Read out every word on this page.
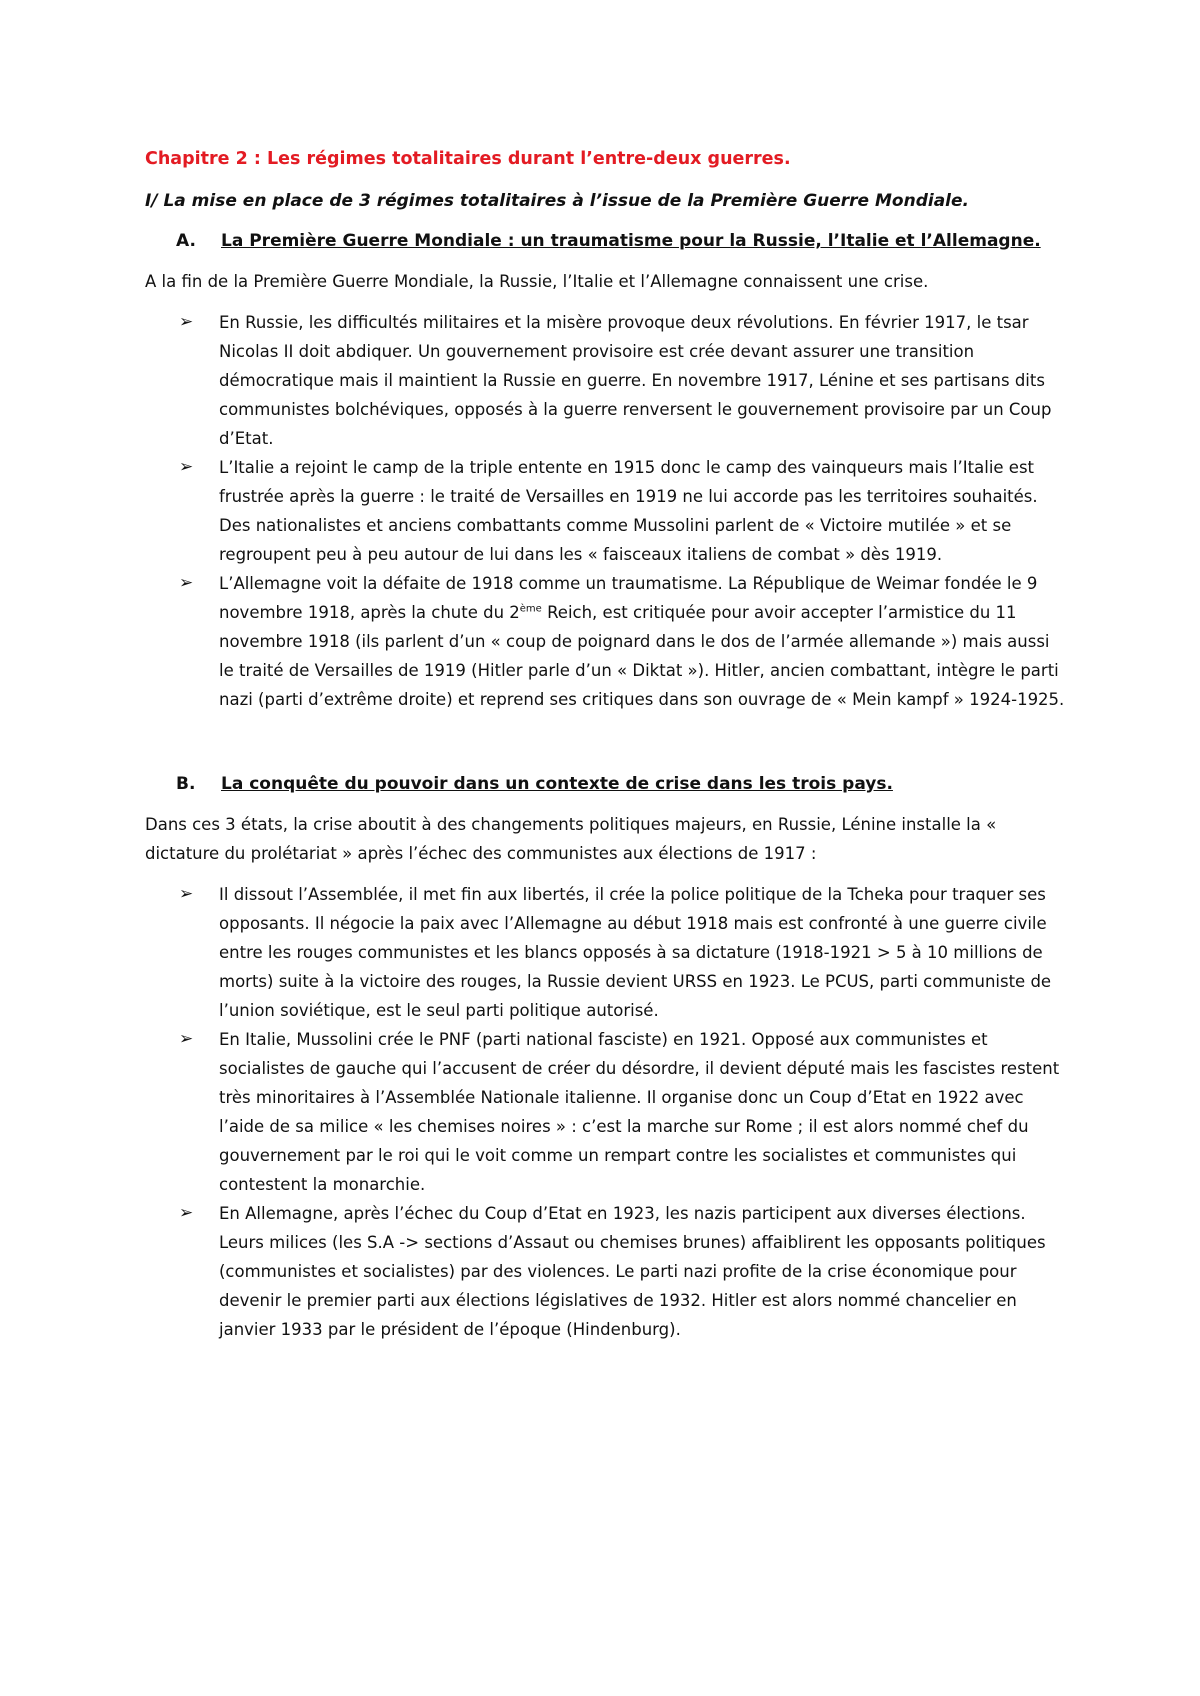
Chapitre 2 : Les régimes totalitaires durant l’entre-deux guerres.
I/ La mise en place de 3 régimes totalitaires à l’issue de la Première Guerre Mondiale.
A.	La Première Guerre Mondiale : un traumatisme pour la Russie, l’Italie et l’Allemagne.
A la fin de la Première Guerre Mondiale, la Russie, l’Italie et l’Allemagne connaissent une crise.
➢ En Russie, les difficultés militaires et la misère provoque deux révolutions. En février 1917, le tsar Nicolas II doit abdiquer. Un gouvernement provisoire est crée devant assurer une transition démocratique mais il maintient la Russie en guerre. En novembre 1917, Lénine et ses partisans dits communistes bolchéviques, opposés à la guerre renversent le gouvernement provisoire par un Coup d’Etat.
➢ L’Italie a rejoint le camp de la triple entente en 1915 donc le camp des vainqueurs mais l’Italie est frustrée après la guerre : le traité de Versailles en 1919 ne lui accorde pas les territoires souhaités. Des nationalistes et anciens combattants comme Mussolini parlent de « Victoire mutilée » et se regroupent peu à peu autour de lui dans les « faisceaux italiens de combat » dès 1919.
➢ L’Allemagne voit la défaite de 1918 comme un traumatisme. La République de Weimar fondée le 9 novembre 1918, après la chute du 2ème Reich, est critiquée pour avoir accepter l’armistice du 11 novembre 1918 (ils parlent d’un « coup de poignard dans le dos de l’armée allemande ») mais aussi le traité de Versailles de 1919 (Hitler parle d’un « Diktat »). Hitler, ancien combattant, intègre le parti nazi (parti d’extrême droite) et reprend ses critiques dans son ouvrage de « Mein kampf » 1924-1925.
B.	La conquête du pouvoir dans un contexte de crise dans les trois pays.
Dans ces 3 états, la crise aboutit à des changements politiques majeurs, en Russie, Lénine installe la « dictature du prolétariat » après l’échec des communistes aux élections de 1917 :
➢ Il dissout l’Assemblée, il met fin aux libertés, il crée la police politique de la Tcheka pour traquer ses opposants. Il négocie la paix avec l’Allemagne au début 1918 mais est confronté à une guerre civile entre les rouges communistes et les blancs opposés à sa dictature (1918-1921 > 5 à 10 millions de morts) suite à la victoire des rouges, la Russie devient URSS en 1923. Le PCUS, parti communiste de l’union soviétique, est le seul parti politique autorisé.
➢ En Italie, Mussolini crée le PNF (parti national fasciste) en 1921. Opposé aux communistes et socialistes de gauche qui l’accusent de créer du désordre, il devient député mais les fascistes restent très minoritaires à l’Assemblée Nationale italienne. Il organise donc un Coup d’Etat en 1922 avec l’aide de sa milice « les chemises noires » : c’est la marche sur Rome ; il est alors nommé chef du gouvernement par le roi qui le voit comme un rempart contre les socialistes et communistes qui contestent la monarchie.
➢ En Allemagne, après l’échec du Coup d’Etat en 1923, les nazis participent aux diverses élections. Leurs milices (les S.A -> sections d’Assaut ou chemises brunes) affaiblirent les opposants politiques (communistes et socialistes) par des violences. Le parti nazi profite de la crise économique pour devenir le premier parti aux élections législatives de 1932. Hitler est alors nommé chancelier en janvier 1933 par le président de l’époque (Hindenburg).
